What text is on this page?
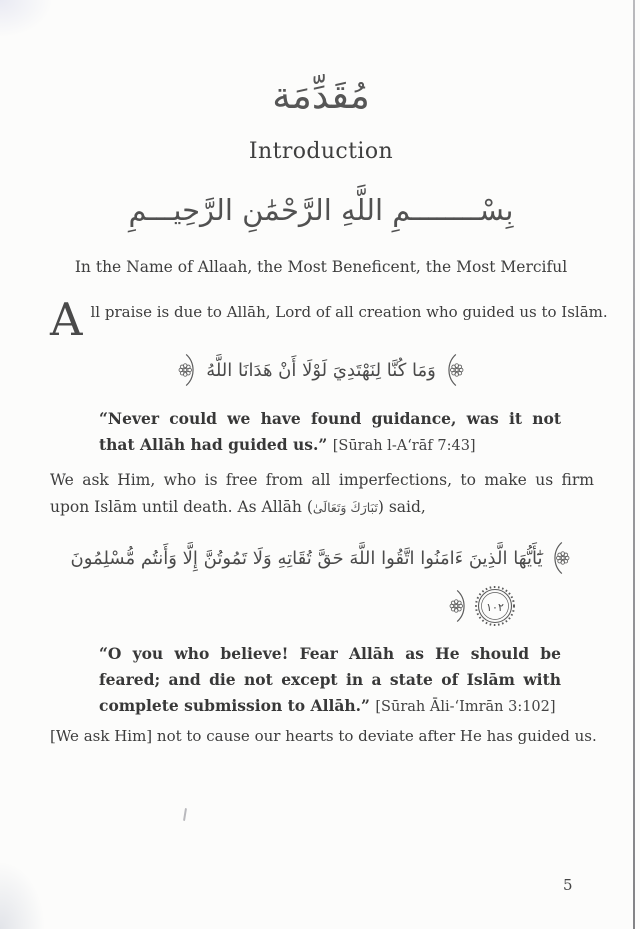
مُقَدِّمَة
Introduction
بِسْــــــــمِ اللَّهِ الرَّحْمَٰنِ الرَّحِيـــمِ
In the Name of Allaah, the Most Beneficent, the Most Merciful

A ll praise is due to Allāh, Lord of all creation who guided us to Islām.

وَمَا كُنَّا لِنَهْتَدِيَ لَوْلَا أَنْ هَدَانَا اللَّهُ

“Never could we have found guidance, was it not that Allāh had guided us.” [Sūrah l-A‘rāf 7:43]

We ask Him, who is free from all imperfections, to make us firm upon Islām until death. As Allāh (تَبَارَكَ وَتَعَالَىٰ) said,

يَٰٓأَيُّهَا الَّذِينَ ءَامَنُوا اتَّقُوا اللَّهَ حَقَّ تُقَاتِهِ وَلَا تَمُوتُنَّ إِلَّا وَأَنتُم مُّسْلِمُونَ
١٠٢

“O you who believe! Fear Allāh as He should be feared; and die not except in a state of Islām with complete submission to Allāh.” [Sūrah Āli-‘Imrān 3:102]

[We ask Him] not to cause our hearts to deviate after He has guided us.

5
